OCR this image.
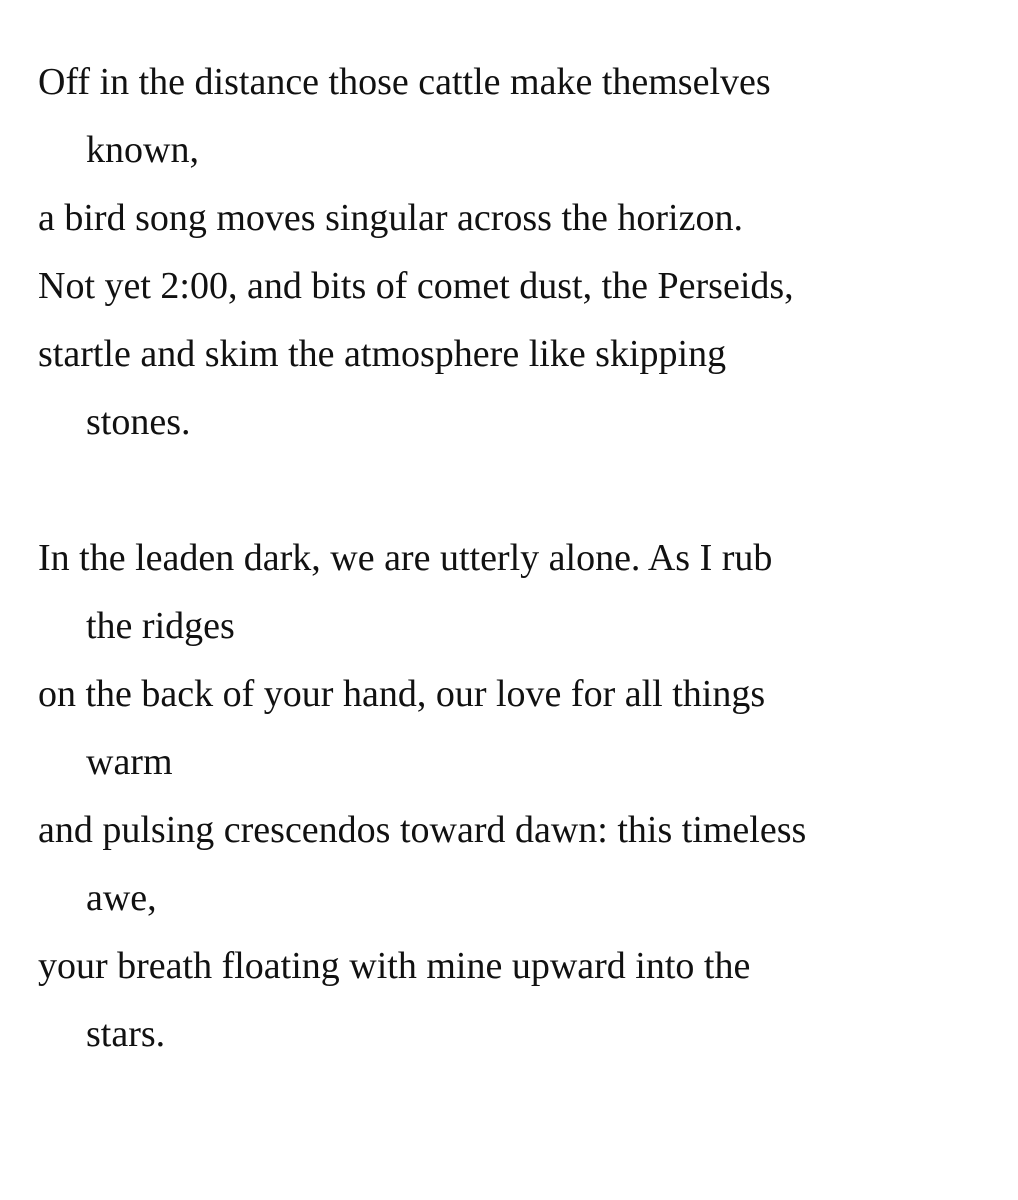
Off in the distance those cattle make themselves
known,
a bird song moves singular across the horizon.
Not yet 2:00, and bits of comet dust, the Perseids,
startle and skim the atmosphere like skipping
stones.
In the leaden dark, we are utterly alone. As I rub
the ridges
on the back of your hand, our love for all things
warm
and pulsing crescendos toward dawn: this timeless
awe,
your breath floating with mine upward into the
stars.
